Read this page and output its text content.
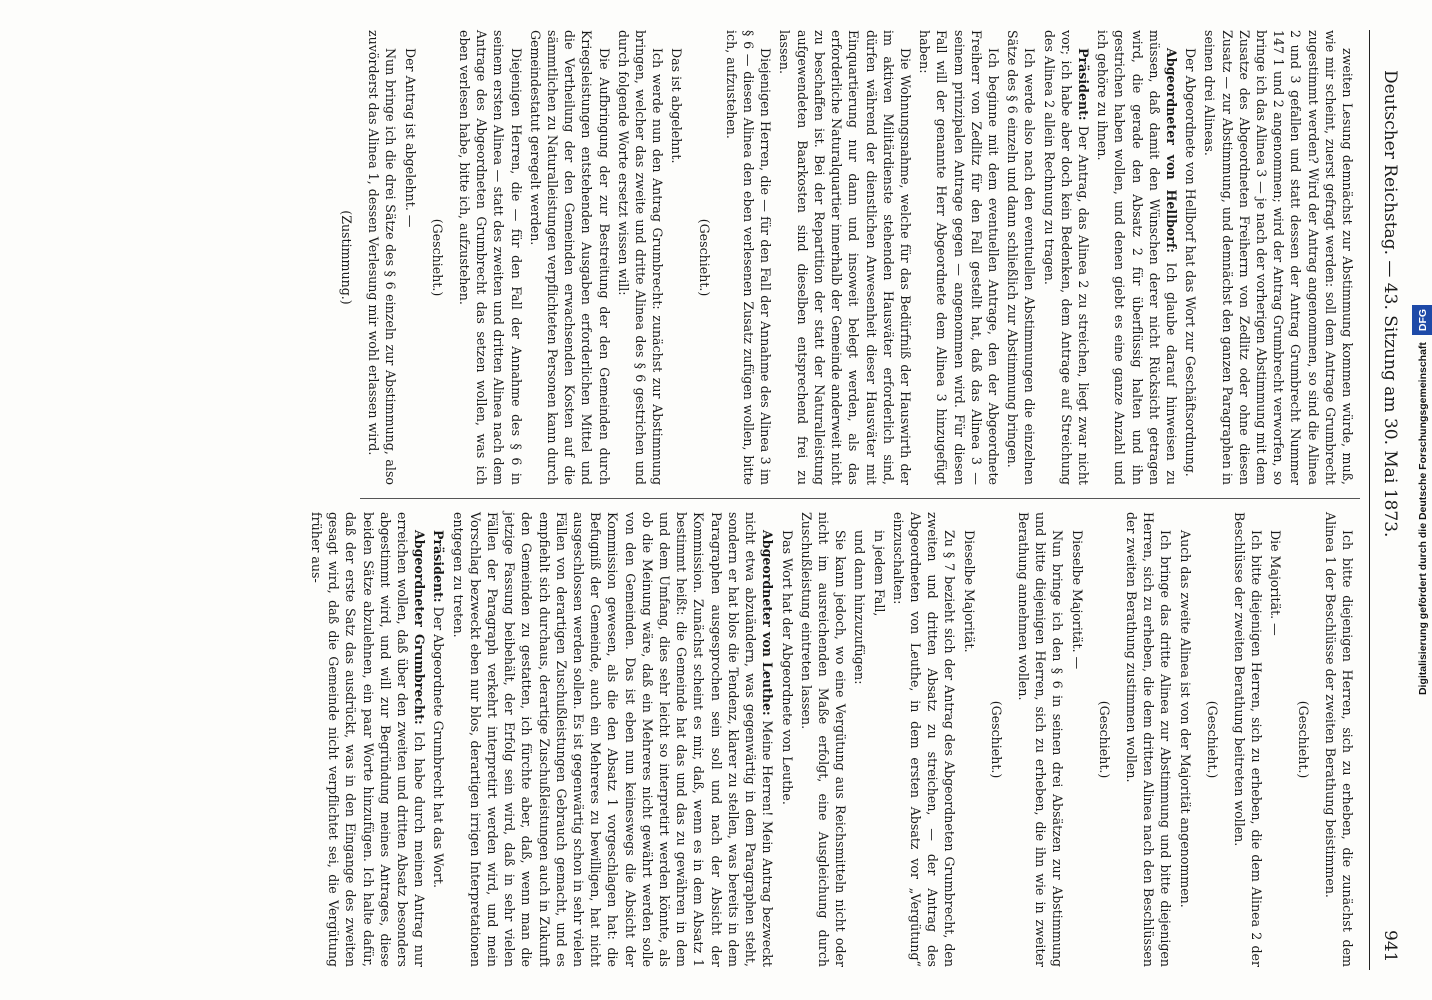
Deutscher Reichstag. — 43. Sitzung am 30. Mai 1873.
941

zweiten Lesung demnächst zur Abstimmung kommen würde, muß, wie mir scheint, zuerst gefragt werden: soll dem Antrage Grumbrecht zugestimmt werden? Wird der Antrag angenommen, so sind die Alinea 2 und 3 gefallen und statt dessen der Antrag Grumbrecht Nummer 147 1 und 2 angenommen; wird der Antrag Grumbrecht verworfen, so bringe ich das Alinea 3 — je nach der vorherigen Abstimmung mit dem Zusatze des Abgeordneten Freiherrn von Zedlitz oder ohne diesen Zusatz — zur Abstimmung, und demnächst den ganzen Paragraphen in seinen drei Alineas.

Der Abgeordnete von Hellborf hat das Wort zur Geschäftsordnung.

Abgeordneter von Hellborf: Ich glaube darauf hinweisen zu müssen, daß damit den Wünschen derer nicht Rücksicht getragen wird, die gerade den Absatz 2 für überflüssig halten und ihn gestrichen haben wollen, und denen giebt es eine ganze Anzahl und ich gehöre zu ihnen.

Präsident: Der Antrag, das Alinea 2 zu streichen, liegt zwar nicht vor; ich habe aber doch kein Bedenken, dem Antrage auf Streichung des Alinea 2 allein Rechnung zu tragen.

Ich werde also nach den eventuellen Abstimmungen die einzelnen Sätze des § 6 einzeln und dann schließlich zur Abstimmung bringen.

Ich beginne mit dem eventuellen Antrage, den der Abgeordnete Freiherr von Zedlitz für den Fall gestellt hat, daß das Alinea 3 — seinem prinzipalen Antrage gegen — angenommen wird. Für diesen Fall will der genannte Herr Abgeordnete dem Alinea 3 hinzugefügt haben:

Die Wohnungsnahme, welche für das Bedürfniß der Hauswirth der im aktiven Militärdienste stehenden Hausväter erforderlich sind, dürfen während der dienstlichen Anwesenheit dieser Hausväter mit Einquartierung nur dann und insoweit belegt werden, als das erforderliche Naturalquartier innerhalb der Gemeinde anderweit nicht zu beschaffen ist. Bei der Repartition der statt der Naturalleistung aufgewendeten Baarkosten sind dieselben entsprechend frei zu lassen.

Diejenigen Herren, die — für den Fall der Annahme des Alinea 3 im § 6 — diesen Alinea den eben verlesenen Zusatz zufügen wollen, bitte ich, aufzustehen.

(Geschieht.)

Das ist abgelehnt.

Ich werde nun den Antrag Grumbrecht: zunächst zur Abstimmung bringen, welcher das zweite und dritte Alinea des § 6 gestrichen und durch folgende Worte ersetzt wissen will:

Die Aufbringung der zur Bestreitung der den Gemeinden durch Kriegsleistungen entstehenden Ausgaben erforderlichen Mittel und die Vertheilung der den Gemeinden erwachsenden Kosten auf die sämmtlichen zu Naturalleistungen verpflichteten Personen kann durch Gemeindestatut geregelt werden.

Diejenigen Herren, die — für den Fall der Annahme des § 6 in seinem ersten Alinea — statt des zweiten und dritten Alinea nach dem Antrage des Abgeordneten Grumbrecht das setzen wollen, was ich eben verlesen habe, bitte ich, aufzustehen.

(Geschieht.)

Der Antrag ist abgelehnt. —

Nun bringe ich die drei Sätze des § 6 einzeln zur Abstimmung, also zuvörderst das Alinea 1, dessen Verlesung mir wohl erlassen wird.

(Zustimmung.)

Ich bitte diejenigen Herren, sich zu erheben, die zunächst dem Alinea 1 der Beschlüsse der zweiten Berathung beistimmen.

(Geschieht.)

Die Majorität. —

Ich bitte diejenigen Herren, sich zu erheben, die dem Alinea 2 der Beschlüsse der zweiten Berathung beitreten wollen.

(Geschieht.)

Auch das zweite Alinea ist von der Majorität angenommen.

Ich bringe das dritte Alinea zur Abstimmung und bitte diejenigen Herren, sich zu erheben, die dem dritten Alinea nach den Beschlüssen der zweiten Berathung zustimmen wollen.

(Geschieht.)

Dieselbe Majorität. —

Nun bringe ich den § 6 in seinen drei Absätzen zur Abstimmung und bitte diejenigen Herren, sich zu erheben, die ihn wie in zweiter Berathung annehmen wollen.

(Geschieht.)

Dieselbe Majorität.

Zu § 7 bezieht sich der Antrag des Abgeordneten Grumbrecht, den zweiten und dritten Absatz zu streichen, — der Antrag des Abgeordneten von Leuthe, in dem ersten Absatz vor „Vergütung“ einzuschalten:

in jedem Fall,

und dann hinzuzufügen:

Sie kann jedoch, wo eine Vergütung aus Reichsmitteln nicht oder nicht im ausreichenden Maße erfolgt, eine Ausgleichung durch Zuschußleistung eintreten lassen.

Das Wort hat der Abgeordnete von Leuthe.

Abgeordneter von Leuthe: Meine Herren! Mein Antrag bezweckt nicht etwa abzuändern, was gegenwärtig in dem Paragraphen steht, sondern er hat blos die Tendenz, klarer zu stellen, was bereits in dem Paragraphen ausgesprochen sein soll und nach der Absicht der Kommission. Zunächst scheint es mir, daß, wenn es in dem Absatz 1 bestimmt heißt: die Gemeinde hat das und das zu gewähren in dem und dem Umfang, dies sehr leicht so interpretirt werden könnte, als ob die Meinung wäre, daß ein Mehreres nicht gewährt werden solle von den Gemeinden. Das ist eben nun keineswegs die Absicht der Kommission gewesen, als die den Absatz 1 vorgeschlagen hat: die Befugniß der Gemeinde, auch ein Mehreres zu bewilligen, hat nicht ausgeschlossen werden sollen. Es ist gegenwärtig schon in sehr vielen Fällen von derartigen Zuschußleistungen Gebrauch gemacht, und es empfiehlt sich durchaus, derartige Zuschußleistungen auch in Zukunft den Gemeinden zu gestatten, ich fürchte aber, daß, wenn man die jetzige Fassung beibehält, der Erfolg sein wird, daß in sehr vielen Fällen der Paragraph verkehrt interpretirt werden wird, und mein Vorschlag bezweckt eben nur blos, derartigen irrigen Interpretationen entgegen zu treten.

Präsident: Der Abgeordnete Grumbrecht hat das Wort.

Abgeordneter Grumbrecht: Ich habe durch meinen Antrag nur erreichen wollen, daß über den zweiten und dritten Absatz besonders abgestimmt wird, und will zur Begründung meines Antrages, diese beiden Sätze abzulehnen, ein paar Worte hinzufügen. Ich halte dafür, daß der erste Satz das ausdrückt, was in den Eingange des zweiten gesagt wird, daß die Gemeinde nicht verpflichtet sei, die Vergütung früher aus-	Digitalisierung gefördert durch die Deutsche Forschungsgemeinschaft DFG
